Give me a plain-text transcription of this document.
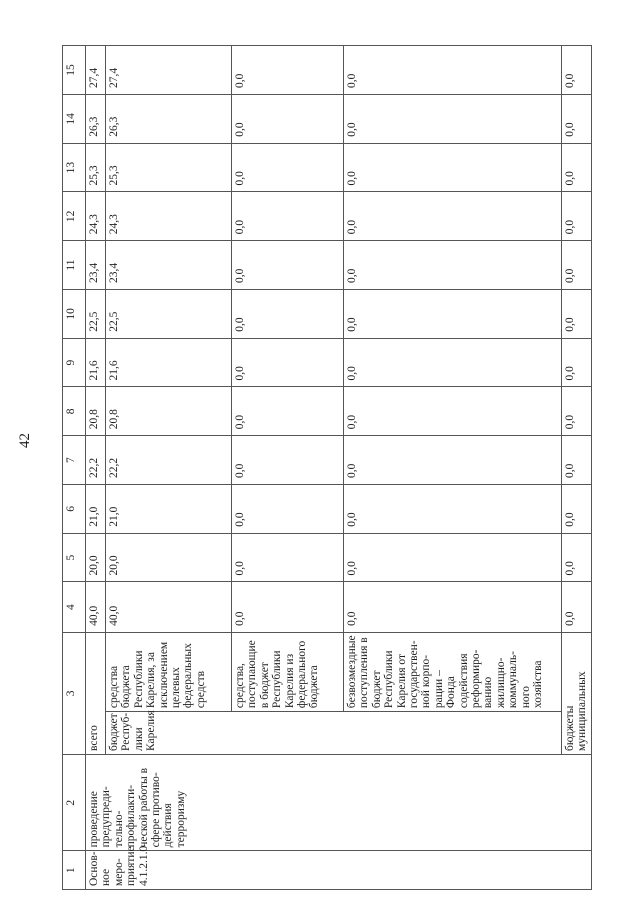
42
1	2	3		4	5	6	7	8	9	10	11	12	13	14	15
Основ-ное меро-приятие 4.1.2.1.0	проведение предупреди-тельно-профилакти-ческой работы в сфере противо-действия терроризму	всего		40,0	20,0	21,0	22,2	20,8	21,6	22,5	23,4	24,3	25,3	26,3	27,4
		бюджет Респуб-лики Карелия	средства бюджета Республики Карелия, за исключением целевых федеральных средств	40,0	20,0	21,0	22,2	20,8	21,6	22,5	23,4	24,3	25,3	26,3	27,4
			средства, поступающие в бюджет Республики Карелия из федерального бюджета	0,0	0,0	0,0	0,0	0,0	0,0	0,0	0,0	0,0	0,0	0,0	0,0
			безвозмездные поступления в бюджет Республики Карелия от государствен-ной корпо-рации – Фонда содействия реформиро-ванию жилищно-коммуналь-ного хозяйства	0,0	0,0	0,0	0,0	0,0	0,0	0,0	0,0	0,0	0,0	0,0	0,0
		бюджеты муниципальных		0,0	0,0	0,0	0,0	0,0	0,0	0,0	0,0	0,0	0,0	0,0	0,0
